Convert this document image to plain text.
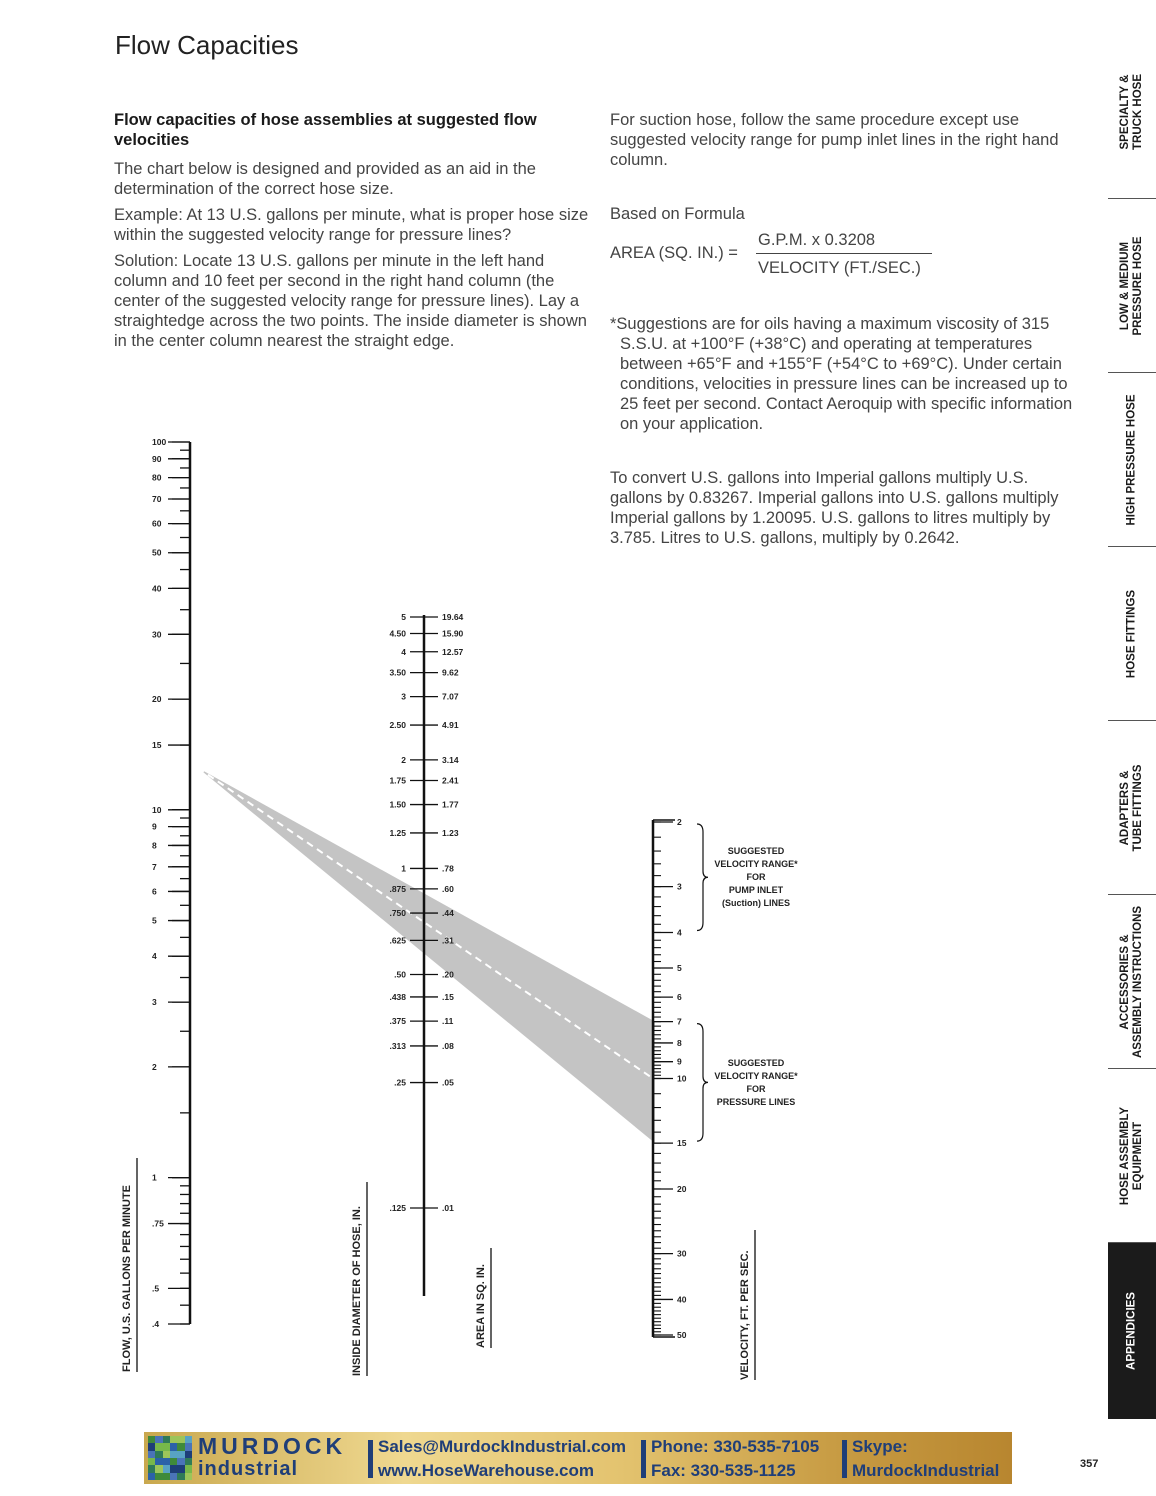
Flow Capacities
Flow capacities of hose assemblies at suggested flow velocities

The chart below is designed and provided as an aid in the determination of the correct hose size.

Example: At 13 U.S. gallons per minute, what is proper hose size within the suggested velocity range for pressure lines?

Solution: Locate 13 U.S. gallons per minute in the left hand column and 10 feet per second in the right hand column (the center of the suggested velocity range for pressure lines). Lay a straightedge across the two points. The inside diameter is shown in the center column nearest the straight edge.

For suction hose, follow the same procedure except use suggested velocity range for pump inlet lines in the right hand column.
Based on Formula
AREA (SQ. IN.) =
G.P.M. x 0.3208
VELOCITY (FT./SEC.)
*Suggestions are for oils having a maximum viscosity of 315 S.S.U. at +100°F (+38°C) and operating at temperatures between +65°F and +155°F (+54°C to +69°C). Under certain conditions, velocities in pressure lines can be increased up to 25 feet per second. Contact Aeroquip with specific information on your application.
To convert U.S. gallons into Imperial gallons multiply U.S. gallons by 0.83267. Imperial gallons into U.S. gallons multiply Imperial gallons by 1.20095. U.S. gallons to litres multiply by 3.785. Litres to U.S. gallons, multiply by 0.2642.
SPECIALTY &
TRUCK HOSE
LOW & MEDIUM
PRESSURE HOSE
HIGH PRESSURE HOSE
HOSE FITTINGS
ADAPTERS &
TUBE FITTINGS
ACCESSORIES &
ASSEMBLY INSTRUCTIONS
HOSE ASSEMBLY
EQUIPMENT
APPENDICIES
100
90
80
70
60
50
40
30
20
15
10
9
8
7
6
5
4
3
2
1
.75
.5
.4
FLOW, U.S. GALLONS PER MINUTE
5	19.64
4.50	15.90
4	12.57
3.50	9.62
3	7.07
2.50	4.91
2	3.14
1.75	2.41
1.50	1.77
1.25	1.23
1	.78
.875	.60
.750	.44
.625	.31
.50	.20
.438	.15
.375	.11
.313	.08
.25	.05
.125	.01
INSIDE DIAMETER OF HOSE, IN.	AREA IN SQ. IN.
2
3
4
5
6
7
8
9
10
15
20
30
40
50	VELOCITY, FT. PER SEC.
SUGGESTED
VELOCITY RANGE*
FOR
PUMP INLET
(Suction) LINES
SUGGESTED
VELOCITY RANGE*
FOR
PRESSURE LINES
MURDOCK
industrial
Sales@MurdockIndustrial.com
www.HoseWarehouse.com
Phone: 330-535-7105
Fax: 330-535-1125
Skype:
MurdockIndustrial	357
